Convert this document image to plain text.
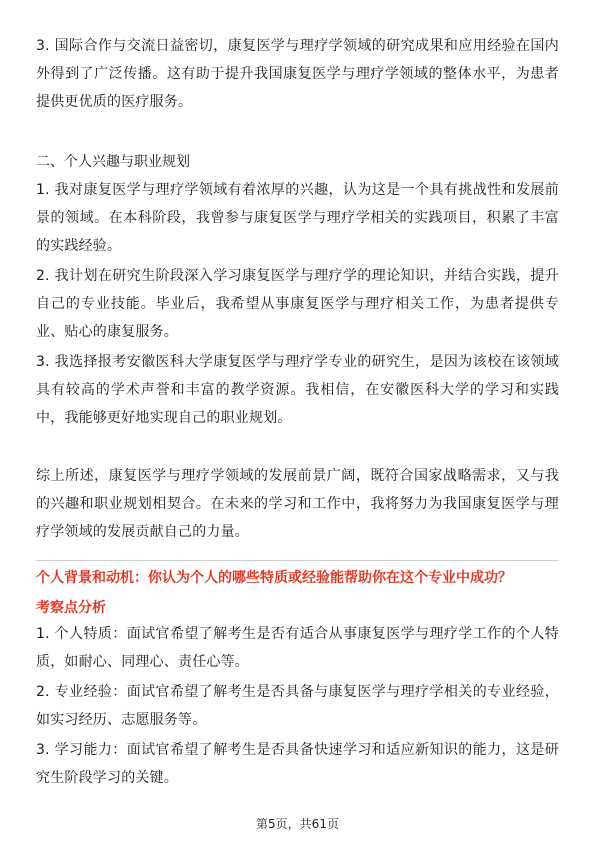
3. 国际合作与交流日益密切，康复医学与理疗学领域的研究成果和应用经验在国内外得到了广泛传播。这有助于提升我国康复医学与理疗学领域的整体水平，为患者提供更优质的医疗服务。

二、个人兴趣与职业规划

1. 我对康复医学与理疗学领域有着浓厚的兴趣，认为这是一个具有挑战性和发展前景的领域。在本科阶段，我曾参与康复医学与理疗学相关的实践项目，积累了丰富的实践经验。

2. 我计划在研究生阶段深入学习康复医学与理疗学的理论知识，并结合实践，提升自己的专业技能。毕业后，我希望从事康复医学与理疗相关工作，为患者提供专业、贴心的康复服务。

3. 我选择报考安徽医科大学康复医学与理疗学专业的研究生，是因为该校在该领域具有较高的学术声誉和丰富的教学资源。我相信，在安徽医科大学的学习和实践中，我能够更好地实现自己的职业规划。

综上所述，康复医学与理疗学领域的发展前景广阔，既符合国家战略需求，又与我的兴趣和职业规划相契合。在未来的学习和工作中，我将努力为我国康复医学与理疗学领域的发展贡献自己的力量。

个人背景和动机：你认为个人的哪些特质或经验能帮助你在这个专业中成功？

考察点分析

1. 个人特质：面试官希望了解考生是否有适合从事康复医学与理疗学工作的个人特质，如耐心、同理心、责任心等。

2. 专业经验：面试官希望了解考生是否具备与康复医学与理疗学相关的专业经验，如实习经历、志愿服务等。

3. 学习能力：面试官希望了解考生是否具备快速学习和适应新知识的能力，这是研究生阶段学习的关键。

第5页，共61页
